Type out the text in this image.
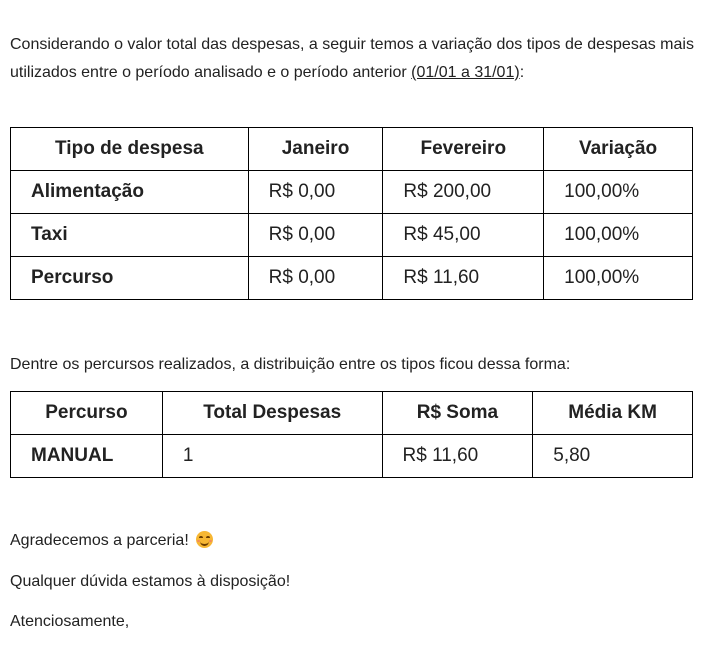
Considerando o valor total das despesas, a seguir temos a variação dos tipos de despesas mais utilizados entre o período analisado e o período anterior (01/01 a 31/01):

Tipo de despesa	Janeiro	Fevereiro	Variação
Alimentação	R$ 0,00	R$ 200,00	100,00%
Taxi	R$ 0,00	R$ 45,00	100,00%
Percurso	R$ 0,00	R$ 11,60	100,00%

Dentre os percursos realizados, a distribuição entre os tipos ficou dessa forma:

Percurso	Total Despesas	R$ Soma	Média KM
MANUAL	1	R$ 11,60	5,80

Agradecemos a parceria!

Qualquer dúvida estamos à disposição!

Atenciosamente,
